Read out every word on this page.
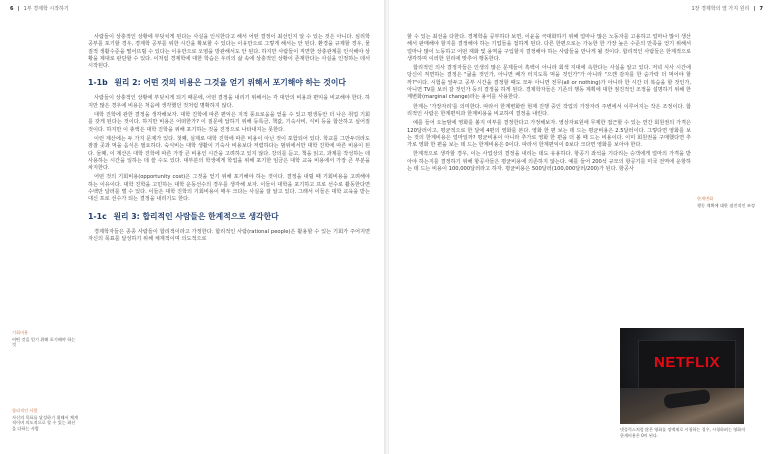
6 1부 경제학 시작하기

사람들이 상충적인 상황에 부딪치게 된다는 사실을 인식한다고 해서 어떤 결정이 최선인지 알 수 있는 것은 아니다. 심리학 공부를 포기할 경우, 경제학 공부를 위한 시간을 확보할 수 있다는 이유만으로 그렇게 해서는 안 된다. 환경을 규제할 경우, 물질적 생활수준을 떨어뜨릴 수 있다는 이유만으로 오염을 방관해서도 안 된다. 하지만 사람들이 직면한 상충관계를 인식해야 상황을 제대로 판단할 수 있다. 이처럼 경제학에 대한 학습은 우리의 삶 속에 상충적인 상황이 존재한다는 사실을 인정하는 데서 시작된다.

1-1b 원리 2: 어떤 것의 비용은 그것을 얻기 위해서 포기해야 하는 것이다

사람들이 상충적인 상황에 부딪치게 되기 때문에, 어떤 결정을 내리기 위해서는 각 대안의 비용과 편익을 비교해야 한다. 하지만 많은 경우에 비용은 처음에 생각했던 것처럼 명확하지 않다.

대학 진학에 관한 결정을 생각해보자. 대학 진학에 따른 편익은 지적 풍요로움을 얻을 수 있고 평생동안 더 나은 취업 기회를 갖게 된다는 것이다. 하지만 비용은 어떠한가? 이 질문에 답하기 위해 등록금, 책값, 기숙사비, 식비 등을 합산하고 싶어질 것이다. 하지만 이 총액은 대학 진학을 위해 포기하는 것을 진정으로 나타내지는 못한다.

이런 계산에는 두 가지 문제가 있다. 첫째, 실제로 대학 진학에 따른 비용이 아닌 것이 포함되어 있다. 학교를 그만두더라도 잠잘 곳과 먹을 음식은 필요하다. 숙식비는 대학 생활이 기숙사 비용보다 저렴하다는 범위에서만 대학 진학에 따른 비용이 된다. 둘째, 이 계산은 대학 진학에 따른 가장 큰 비용인 시간을 고려하고 있지 않다. 강의를 듣고, 책을 읽고, 과제를 작성하는 데 사용하는 시간을 일하는 데 쓸 수도 있다. 대부분의 학생에게 학업을 위해 포기한 임금은 대학 교육 비용에서 가장 큰 부분을 차지한다.

어떤 것의 기회비용(opportunity cost)은 그것을 얻기 위해 포기해야 하는 것이다. 결정을 내릴 때 기회비용을 고려해야 하는 이유이다. 대학 진학을 고민하는 대학 운동선수의 경우를 생각해 보자. 이들이 대학을 포기하고 프로 선수로 활동한다면 수백만 달러를 벌 수 있다. 이들은 대학 진학의 기회비용이 매우 크다는 사실을 잘 알고 있다. 그래서 이들은 대학 교육을 받는 대신 프로 선수가 되는 결정을 내리기도 한다.

1-1c 원리 3: 합리적인 사람들은 한계적으로 생각한다

경제학자들은 종종 사람들이 합리적이라고 가정한다. 합리적인 사람(rational people)은 활용할 수 있는 기회가 주어지면 자신의 목표를 달성하기 위해 체계적이며 의도적으로

기회비용
어떤 것을 얻기 위해 포기해야 하는 것
합리적인 사람
자신의 목표를 달성하기 위해서 체계적이며 의도적으로 할 수 있는 최선을 다하는 사람
1장 경제학의 열 가지 원리 7

할 수 있는 최선을 다한다. 경제학을 공부하다 보면, 이윤을 극대화하기 위해 얼마나 많은 노동자를 고용하고 얼마나 많이 생산해서 판매해야 할지를 결정해야 하는 기업들을 접하게 된다. 다른 한편으로는 가능한 한 가장 높은 수준의 만족을 얻기 위해서 얼마나 많이 노동하고 어떤 재화 및 용역을 구입할지 결정해야 하는 사람들을 만나게 될 것이다. 합리적인 사람들은 한계적으로 생각하며 이러한 원리에 맞추어 행동한다.

합리적인 의사 결정자들은 인생의 많은 문제들이 흑백이 아니라 회색 지대에 속한다는 사실을 알고 있다. 저녁 식사 시간에 당신이 직면하는 결정은 "굶을 것인가, 아니면 배가 터지도록 먹을 것인가"가 아니라 "으깬 감자를 한 숟가락 더 먹어야 할까?"이다. 시험을 앞두고 공부 시간을 결정할 때도 모두 아니면 전무(all or nothing)가 아니라 한 시간 더 복습을 할 것인가, 아니면 TV를 보러 갈 것인가 등의 결정을 하게 된다. 경제학자들은 기존의 행동 계획에 대한 점진적인 조정을 설명하기 위해 한계변화(marginal change)라는 용어를 사용한다.

한계는 '가장자리'를 의미한다. 따라서 한계변화란 현재 진행 중인 작업의 가장자리 주변에서 이루어지는 작은 조정이다. 합리적인 사람은 한계편익과 한계비용을 비교하여 결정을 내린다.

예를 들어 오늘밤에 영화를 볼지 여부를 결정한다고 가정해보자. 영상자료원에 무제한 접근할 수 있는 연간 회원권의 가격은 120달러이고, 평균적으로 한 달에 4편의 영화를 본다. 영화 한 편 보는 데 드는 평균비용은 2.5달러이다. 그렇다면 영화를 보는 것의 한계비용은 얼마일까? 평균비용이 아니라 추가로 영화 한 편을 더 볼 때 드는 비용이다. 이미 회원권을 구매했다면 추가로 영화 한 편을 보는 데 드는 한계비용은 0이다. 따라서 한계편익이 0보다 크다면 영화를 보아야 한다.

한계적으로 생각할 경우, 이는 사업상의 결정을 내리는 데도 유용하다. 항공기 좌석을 기다리는 승객에게 얼마의 가격을 받아야 하는지를 결정하기 위해 항공사들은 평균비용에 의존하지 않는다. 예를 들어 200석 규모의 항공기를 미국 전역에 운항하는 데 드는 비용이 100,000달러라고 하자. 평균비용은 500달러(100,000달러/200)가 된다. 항공사

한계변화
행동 계획에 대한 점진적인 조정
NETFLIX
넷플릭스처럼 많은 영화를 정액제로 시청하는 경우, 시청하려는 영화의 한계비용은 0이 된다.
